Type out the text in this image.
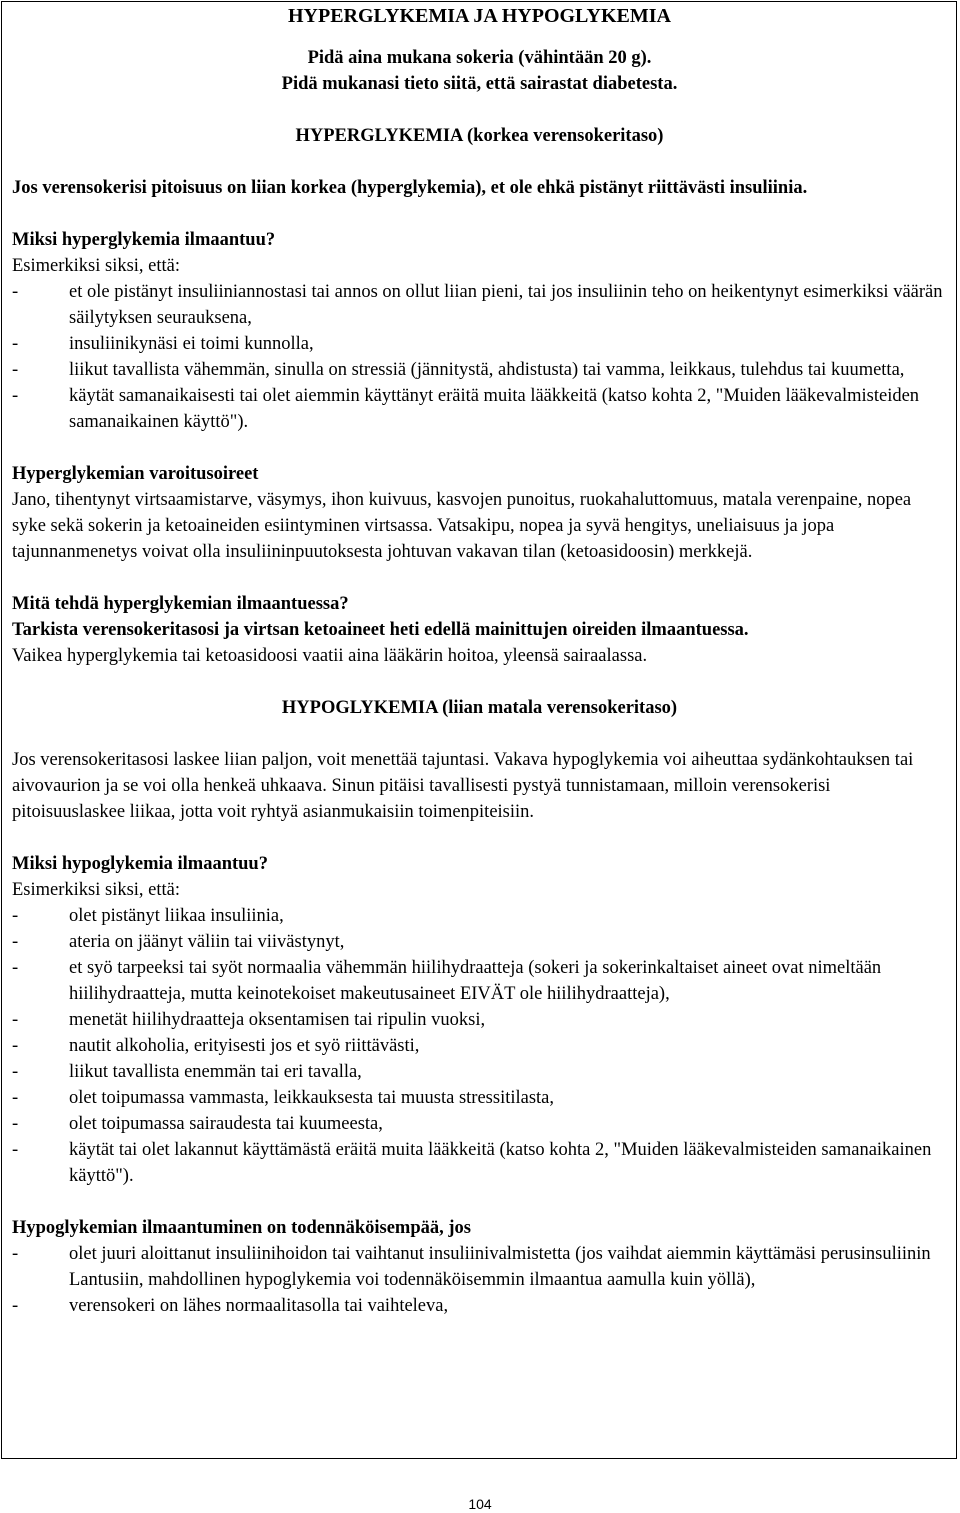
HYPERGLYKEMIA JA HYPOGLYKEMIA
Pidä aina mukana sokeria (vähintään 20 g).
Pidä mukanasi tieto siitä, että sairastat diabetesta.
HYPERGLYKEMIA (korkea verensokeritaso)
Jos verensokerisi pitoisuus on liian korkea (hyperglykemia), et ole ehkä pistänyt riittävästi insuliinia.
Miksi hyperglykemia ilmaantuu?
Esimerkiksi siksi, että:
-	et ole pistänyt insuliiniannostasi tai annos on ollut liian pieni, tai jos insuliinin teho on heikentynyt esimerkiksi väärän säilytyksen seurauksena,
-	insuliinikynäsi ei toimi kunnolla,
-	liikut tavallista vähemmän, sinulla on stressiä (jännitystä, ahdistusta) tai vamma, leikkaus, tulehdus tai kuumetta,
-	käytät samanaikaisesti tai olet aiemmin käyttänyt eräitä muita lääkkeitä (katso kohta 2, "Muiden lääkevalmisteiden samanaikainen käyttö").
Hyperglykemian varoitusoireet
Jano, tihentynyt virtsaamistarve, väsymys, ihon kuivuus, kasvojen punoitus, ruokahaluttomuus, matala verenpaine, nopea syke sekä sokerin ja ketoaineiden esiintyminen virtsassa. Vatsakipu, nopea ja syvä hengitys, uneliaisuus ja jopa tajunnanmenetys voivat olla insuliininpuutoksesta johtuvan vakavan tilan (ketoasidoosin) merkkejä.
Mitä tehdä hyperglykemian ilmaantuessa?
Tarkista verensokeritasosi ja virtsan ketoaineet heti edellä mainittujen oireiden ilmaantuessa.
Vaikea hyperglykemia tai ketoasidoosi vaatii aina lääkärin hoitoa, yleensä sairaalassa.
HYPOGLYKEMIA (liian matala verensokeritaso)
Jos verensokeritasosi laskee liian paljon, voit menettää tajuntasi. Vakava hypoglykemia voi aiheuttaa sydänkohtauksen tai aivovaurion ja se voi olla henkeä uhkaava. Sinun pitäisi tavallisesti pystyä tunnistamaan, milloin verensokerisi pitoisuuslaskee liikaa, jotta voit ryhtyä asianmukaisiin toimenpiteisiin.
Miksi hypoglykemia ilmaantuu?
Esimerkiksi siksi, että:
-	olet pistänyt liikaa insuliinia,
-	ateria on jäänyt väliin tai viivästynyt,
-	et syö tarpeeksi tai syöt normaalia vähemmän hiilihydraatteja (sokeri ja sokerinkaltaiset aineet ovat nimeltään hiilihydraatteja, mutta keinotekoiset makeutusaineet EIVÄT ole hiilihydraatteja),
-	menetät hiilihydraatteja oksentamisen tai ripulin vuoksi,
-	nautit alkoholia, erityisesti jos et syö riittävästi,
-	liikut tavallista enemmän tai eri tavalla,
-	olet toipumassa vammasta, leikkauksesta tai muusta stressitilasta,
-	olet toipumassa sairaudesta tai kuumeesta,
-	käytät tai olet lakannut käyttämästä eräitä muita lääkkeitä (katso kohta 2, "Muiden lääkevalmisteiden samanaikainen käyttö").
Hypoglykemian ilmaantuminen on todennäköisempää, jos
-	olet juuri aloittanut insuliinihoidon tai vaihtanut insuliinivalmistetta (jos vaihdat aiemmin käyttämäsi perusinsuliinin Lantusiin, mahdollinen hypoglykemia voi todennäköisemmin ilmaantua aamulla kuin yöllä),
-	verensokeri on lähes normaalitasolla tai vaihteleva,
104
